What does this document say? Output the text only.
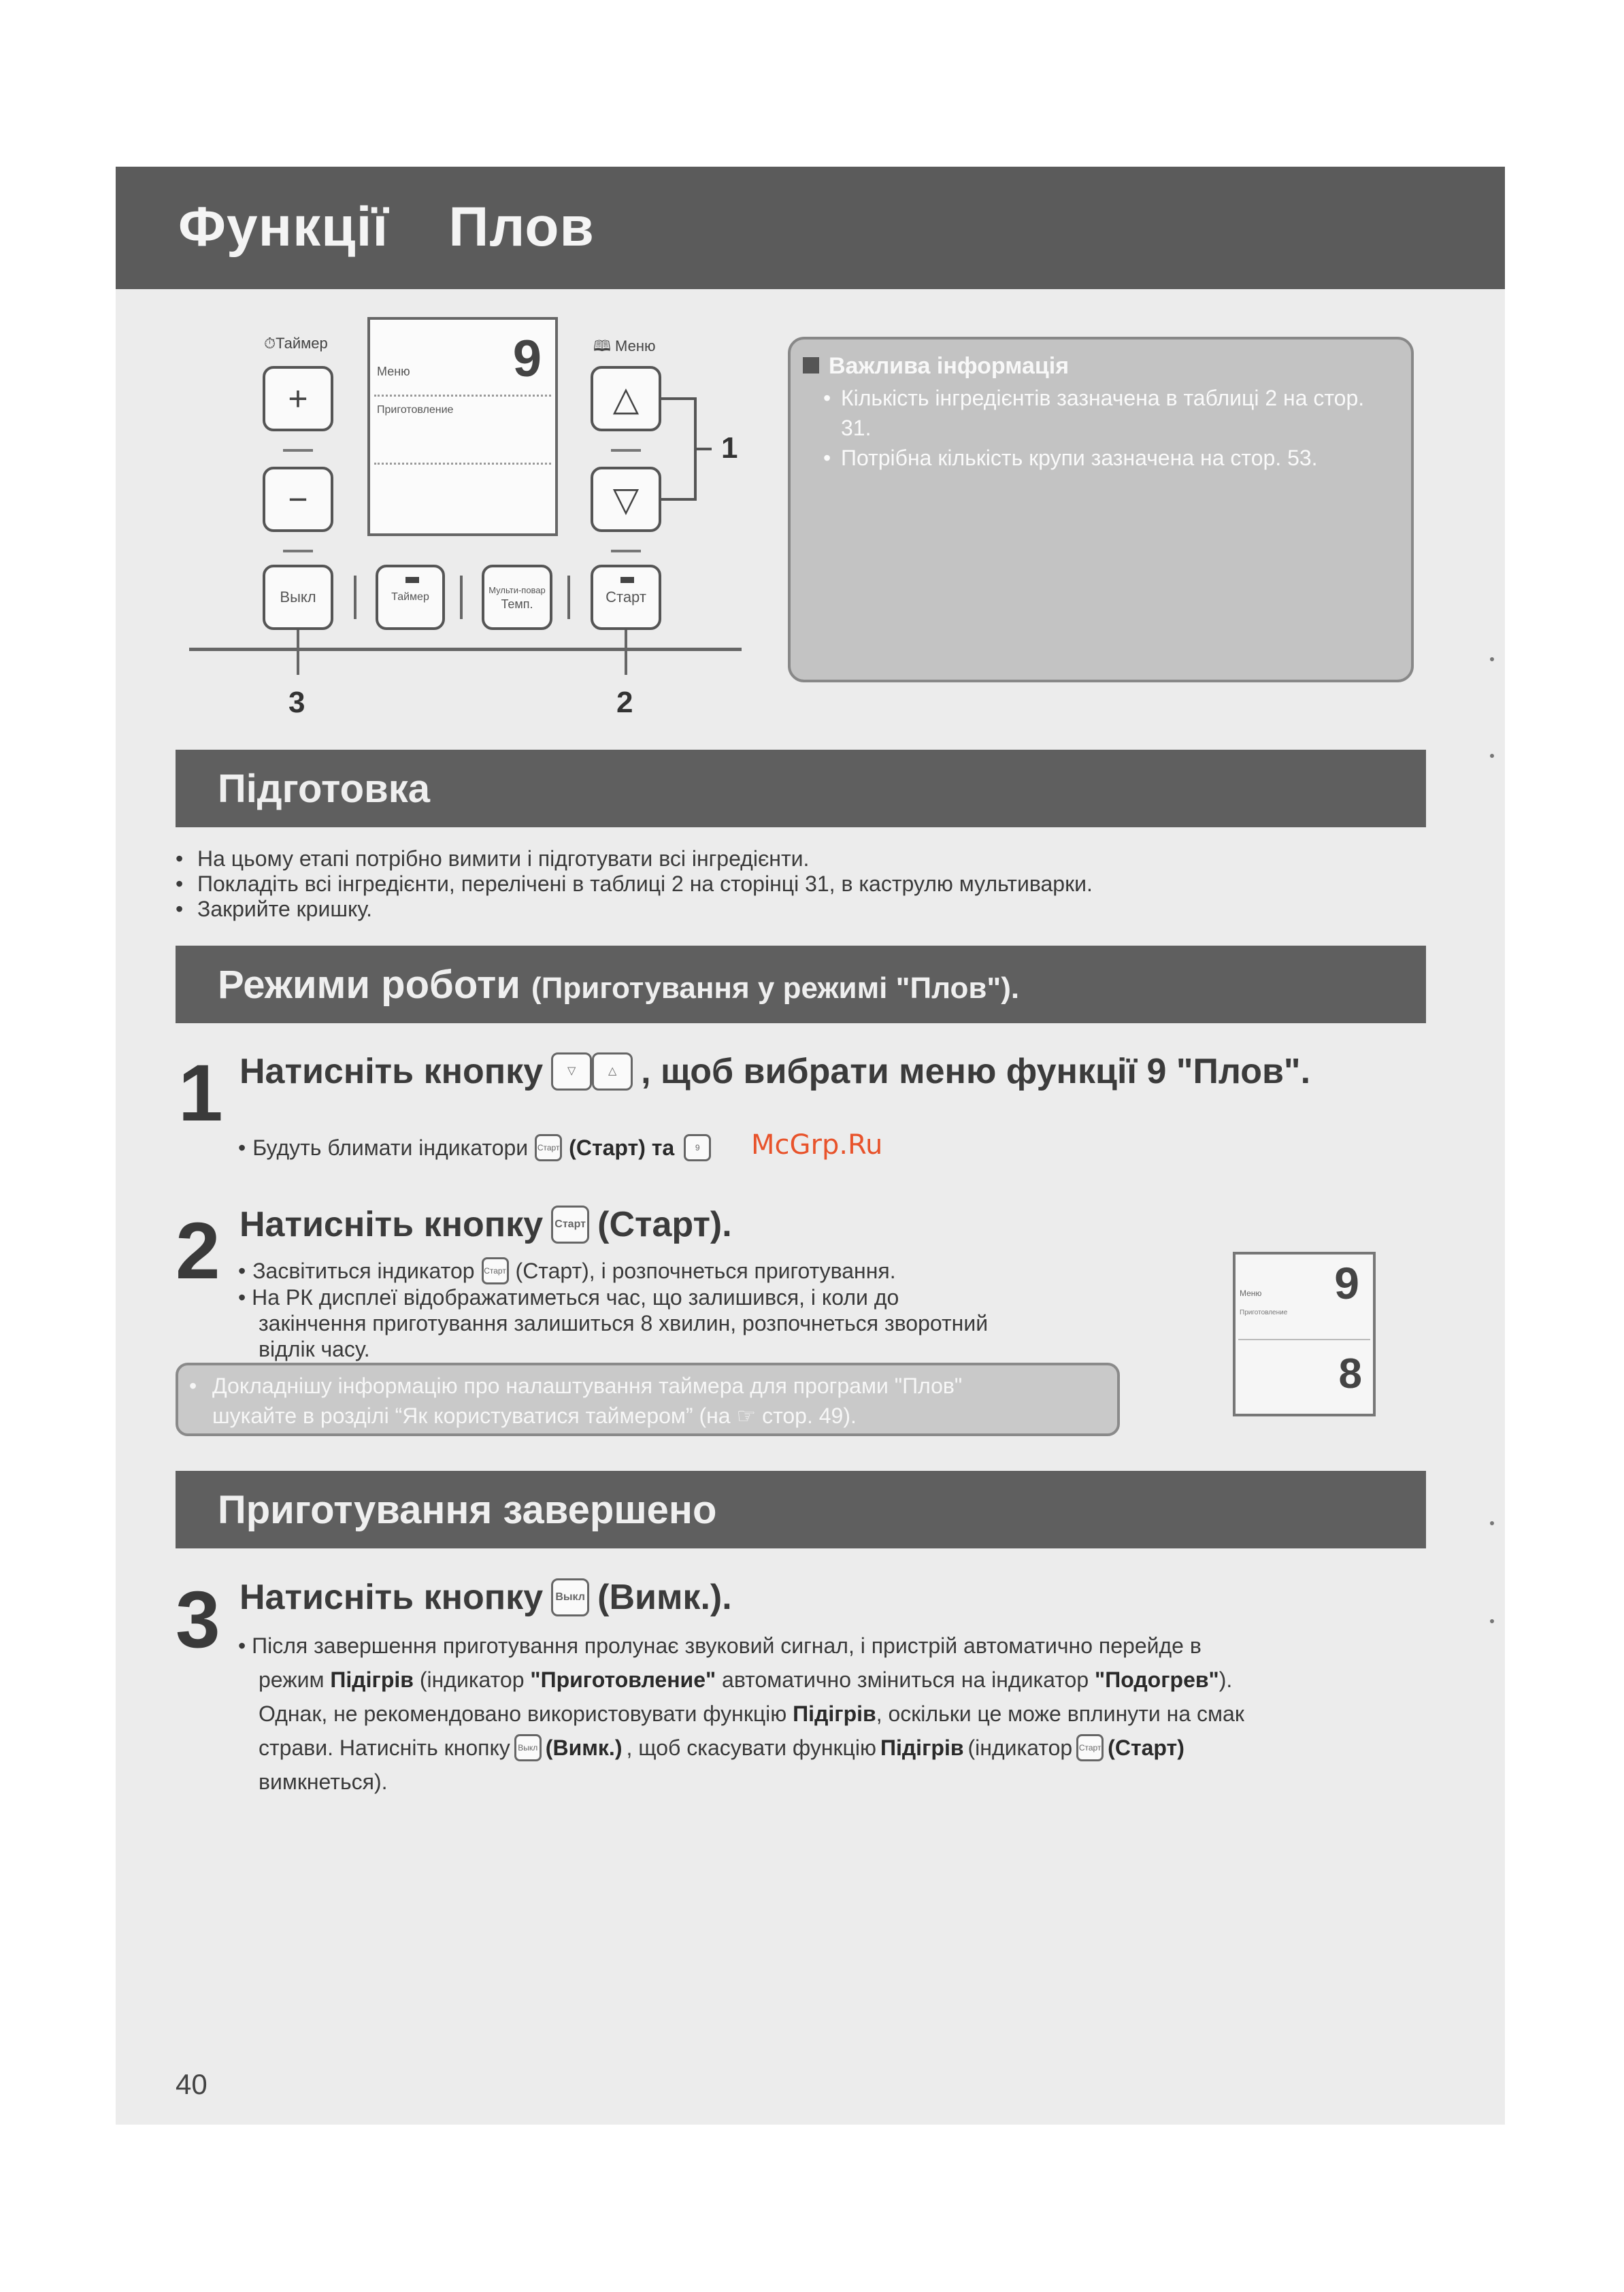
Функції Плов
⏱Таймер	🕮 Меню
+
−
Меню
Приготовление
9
△
▽
1
Выкл	Таймер
Мульти-повар
Темп.	Старт
3	2
Важлива інформація
• Кількість інгредієнтів зазначена в таблиці 2 на стор. 31.
• Потрібна кількість крупи зазначена на стор. 53.
Підготовка
• На цьому етапі потрібно вимити і підготувати всі інгредієнти.
• Покладіть всі інгредієнти, перелічені в таблиці 2 на сторінці 31, в каструлю мультиварки.
• Закрийте кришку.
Режими роботи (Приготування у режимі "Плов").
1 Натисніть кнопку	▽	△ , щоб вибрати меню функції 9 "Плов".
• Будуть блимати індикатори	Старт (Старт) та	9	McGrp.Ru
2 Натисніть кнопку	Старт (Старт).
• Засвітиться індикатор	Старт (Старт), і розпочнеться приготування.
• На РК дисплеї відображатиметься час, що залишився, і коли до
закінчення приготування залишиться 8 хвилин, розпочнеться зворотний
відлік часу.
• Докладнішу інформацію про налаштування таймера для програми "Плов"
шукайте в розділі “Як користуватися таймером” (на ☞ стор. 49).
9
Меню
Приготовление
8
Приготування завершено
3 Натисніть кнопку	Выкл (Вимк.).
• Після завершення приготування пролунає звуковий сигнал, і пристрій автоматично перейде в
режим Підігрів (індикатор "Приготовление" автоматично зміниться на індикатор "Подогрев").
Однак, не рекомендовано використовувати функцію Підігрів, оскільки це може вплинути на смак
страви. Натисніть кнопку Выкл (Вимк.) , щоб скасувати функцію Підігрів (індикатор Старт (Старт)
вимкнеться).
40
